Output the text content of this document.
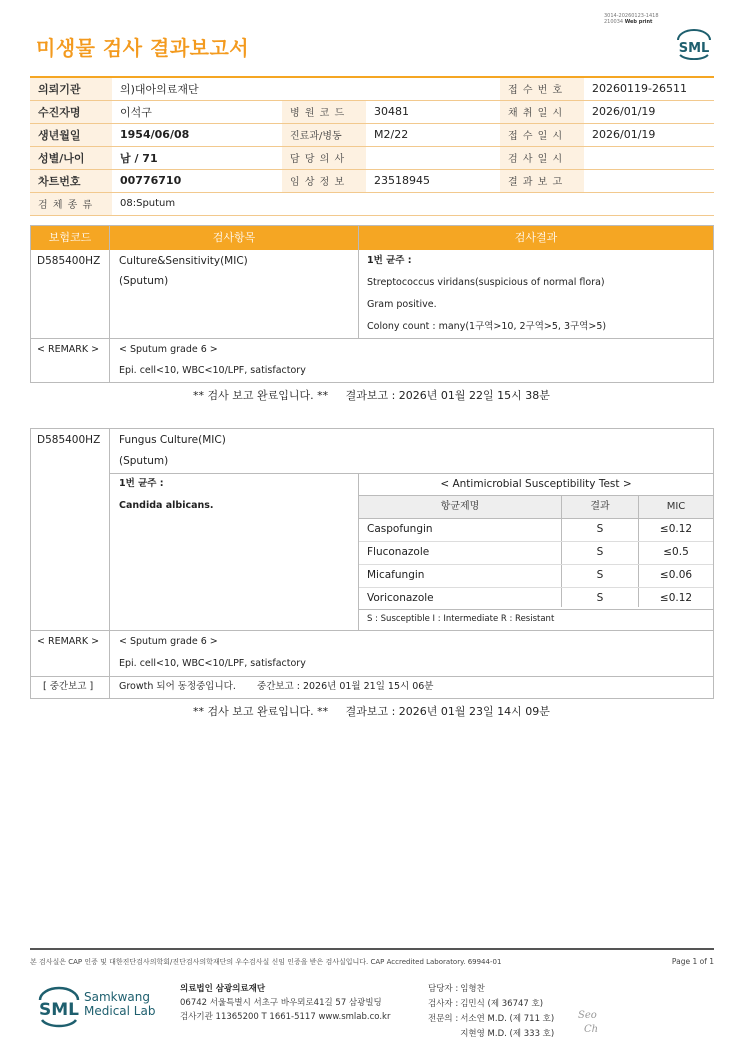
3014-20260123-1418
210034 Web print
미생물 검사 결과보고서	SML
의뢰기관	의)대아의료재단			접 수 번 호	20260119-26511
수진자명	이석구	병 원 코 드	30481	채 취 일 시	2026/01/19
생년월일	1954/06/08	진료과/병동	M2/22	접 수 일 시	2026/01/19
성별/나이	남 / 71	담 당 의 사		검 사 일 시	
차트번호	00776710	임 상 정 보	23518945	결 과 보 고	
검 체 종 류	08:Sputum				
보험코드	검사항목	검사결과
D585400HZ Culture&Sensitivity(MIC)
(Sputum)
1번 균주 :
Streptococcus viridans(suspicious of normal flora)
Gram positive.
Colony count : many(1구역>10, 2구역>5, 3구역>5)
< REMARK > < Sputum grade 6 >
Epi. cell<10, WBC<10/LPF, satisfactory
** 검사 보고 완료입니다. ** 결과보고 : 2026년 01월 22일 15시 38분
D585400HZ Fungus Culture(MIC)
(Sputum)
1번 균주 :
Candida albicans.
< Antimicrobial Susceptibility Test >
항균제명	결과	MIC
Caspofungin	S	≤0.12
Fluconazole	S	≤0.5
Micafungin	S	≤0.06
Voriconazole	S	≤0.12
S : Susceptible I : Intermediate R : Resistant
< REMARK > < Sputum grade 6 >
Epi. cell<10, WBC<10/LPF, satisfactory
[ 중간보고 ]	Growth 되어 동정중입니다. 중간보고 : 2026년 01월 21일 15시 06분
** 검사 보고 완료입니다. ** 결과보고 : 2026년 01월 23일 14시 09분
본 검사실은 CAP 인증 및 대한진단검사의학회/진단검사의학재단의 우수검사실 신임 인증을 받은 검사실입니다. CAP Accredited Laboratory. 69944-01	Page 1 of 1
SML
Samkwang
Medical Lab
의료법인 삼광의료재단
06742 서울특별시 서초구 바우뫼로41길 57 삼광빌딩
검사기관 11365200 T 1661-5117 www.smlab.co.kr
담당자 :	임형찬
검사자 :	김민식 (제 36747 호)
전문의 :	서소연 M.D. (제 711 호)
	지현영 M.D. (제 333 호)
Seo
Ch
